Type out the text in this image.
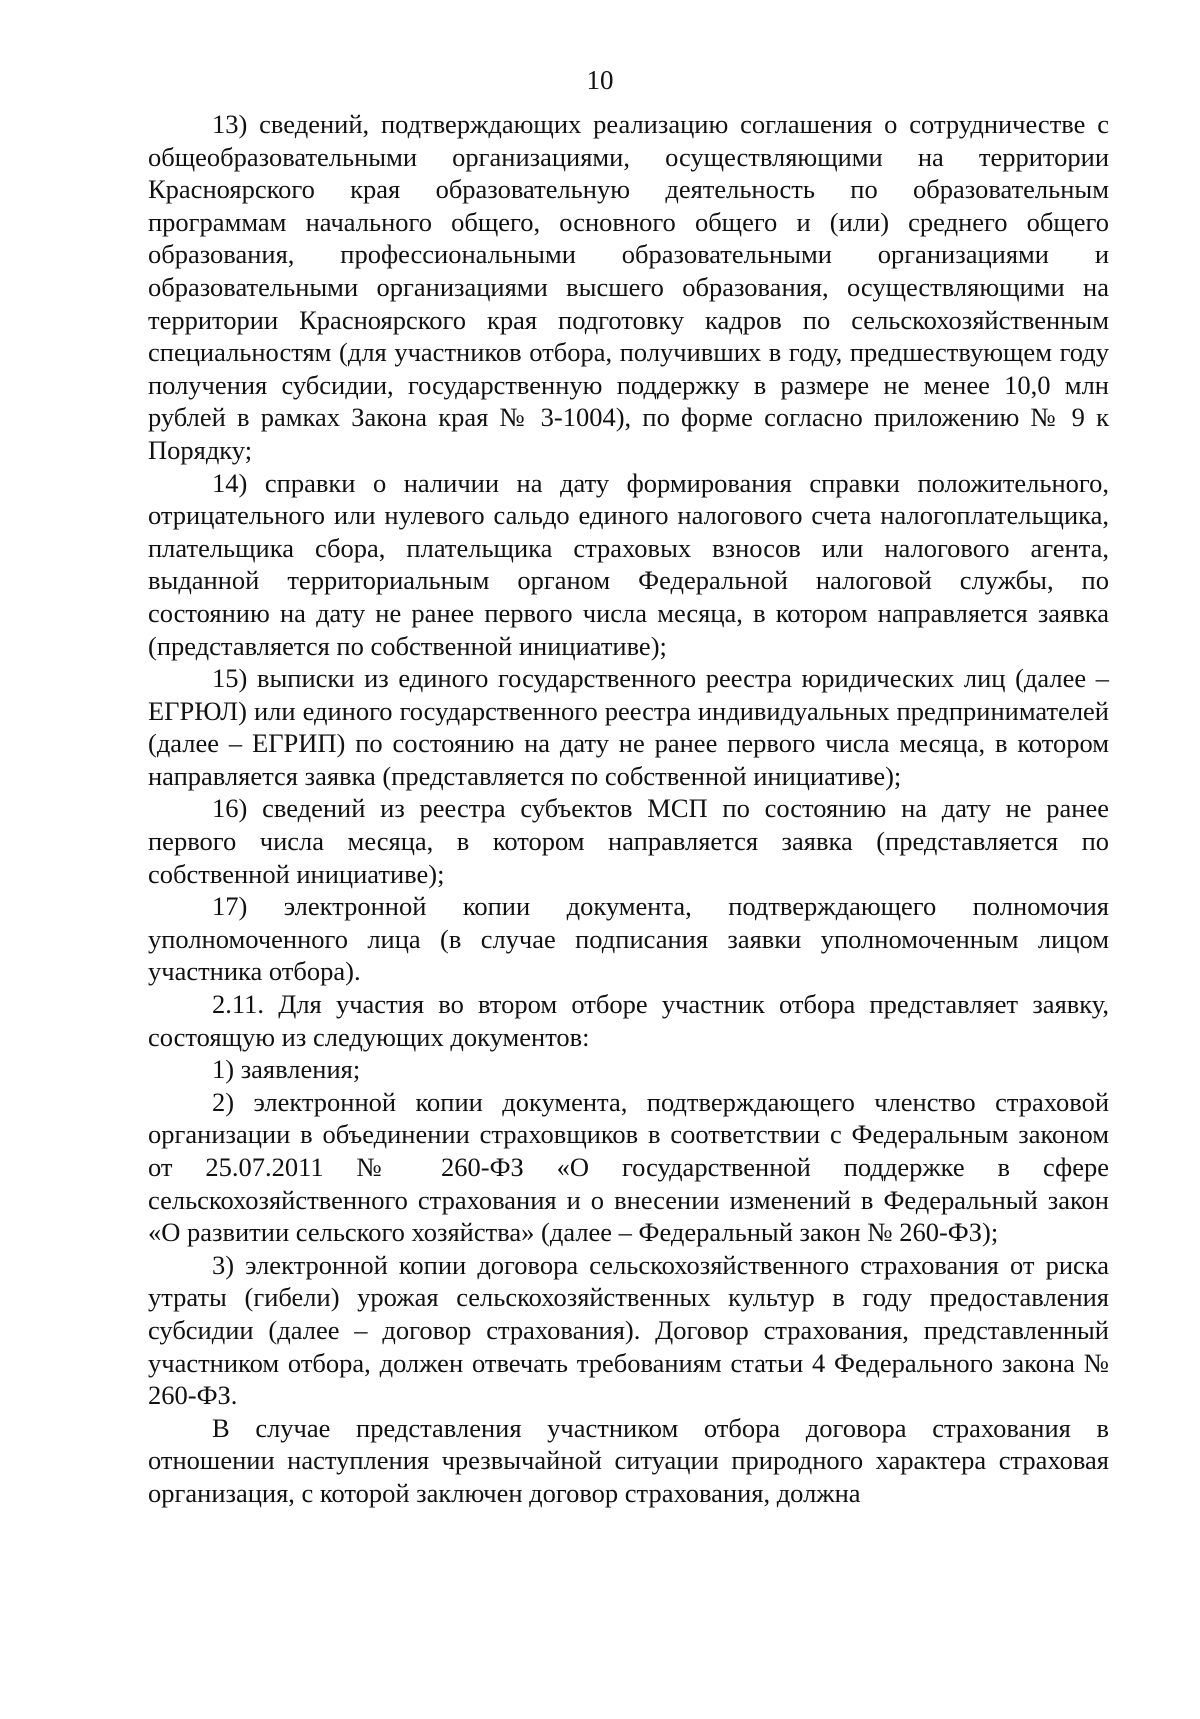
10

13) сведений, подтверждающих реализацию соглашения о сотрудничестве с общеобразовательными организациями, осуществляющими на территории Красноярского края образовательную деятельность по образовательным программам начального общего, основного общего и (или) среднего общего образования, профессиональными образовательными организациями и образовательными организациями высшего образования, осуществляющими на территории Красноярского края подготовку кадров по сельскохозяйственным специальностям (для участников отбора, получивших в году, предшествующем году получения субсидии, государственную поддержку в размере не менее 10,0 млн рублей в рамках Закона края № 3-1004), по форме согласно приложению № 9 к Порядку;

14) справки о наличии на дату формирования справки положительного, отрицательного или нулевого сальдо единого налогового счета налогоплательщика, плательщика сбора, плательщика страховых взносов или налогового агента, выданной территориальным органом Федеральной налоговой службы, по состоянию на дату не ранее первого числа месяца, в котором направляется заявка (представляется по собственной инициативе);

15) выписки из единого государственного реестра юридических лиц (далее – ЕГРЮЛ) или единого государственного реестра индивидуальных предпринимателей (далее – ЕГРИП) по состоянию на дату не ранее первого числа месяца, в котором направляется заявка (представляется по собственной инициативе);

16) сведений из реестра субъектов МСП по состоянию на дату не ранее первого числа месяца, в котором направляется заявка (представляется по собственной инициативе);

17) электронной копии документа, подтверждающего полномочия уполномоченного лица (в случае подписания заявки уполномоченным лицом участника отбора).

2.11. Для участия во втором отборе участник отбора представляет заявку, состоящую из следующих документов:

1) заявления;

2) электронной копии документа, подтверждающего членство страховой организации в объединении страховщиков в соответствии с Федеральным законом от 25.07.2011 № 260-ФЗ «О государственной поддержке в сфере сельскохозяйственного страхования и о внесении изменений в Федеральный закон «О развитии сельского хозяйства» (далее – Федеральный закон № 260-ФЗ);

3) электронной копии договора сельскохозяйственного страхования от риска утраты (гибели) урожая сельскохозяйственных культур в году предоставления субсидии (далее – договор страхования). Договор страхования, представленный участником отбора, должен отвечать требованиям статьи 4 Федерального закона № 260-ФЗ.

В случае представления участником отбора договора страхования в отношении наступления чрезвычайной ситуации природного характера страховая организация, с которой заключен договор страхования, должна
